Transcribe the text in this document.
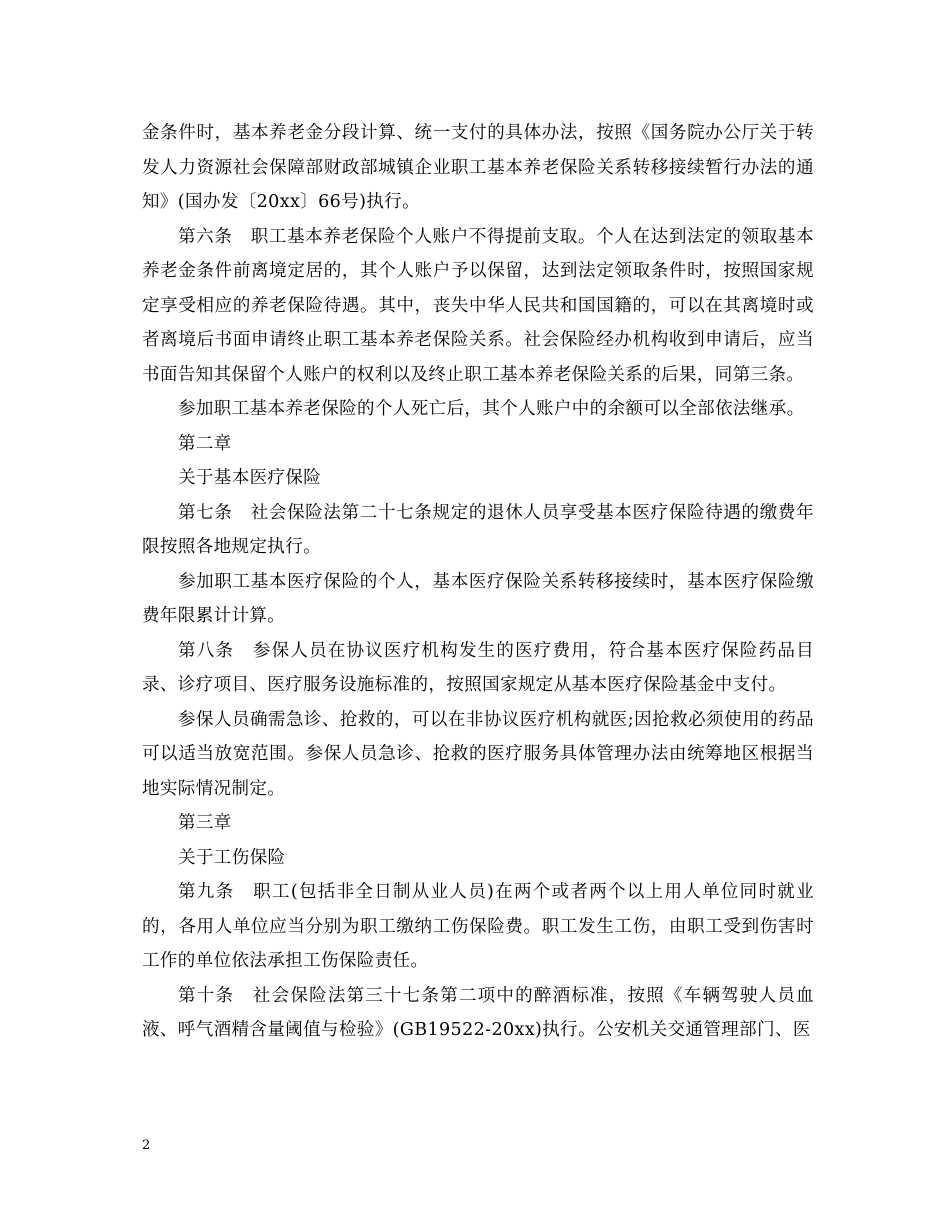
金条件时，基本养老金分段计算、统一支付的具体办法，按照《国务院办公厅关于转发人力资源社会保障部财政部城镇企业职工基本养老保险关系转移接续暂行办法的通知》(国办发〔20xx〕66号)执行。

第六条　职工基本养老保险个人账户不得提前支取。个人在达到法定的领取基本养老金条件前离境定居的，其个人账户予以保留，达到法定领取条件时，按照国家规定享受相应的养老保险待遇。其中，丧失中华人民共和国国籍的，可以在其离境时或者离境后书面申请终止职工基本养老保险关系。社会保险经办机构收到申请后，应当书面告知其保留个人账户的权利以及终止职工基本养老保险关系的后果，同第三条。

参加职工基本养老保险的个人死亡后，其个人账户中的余额可以全部依法继承。

第二章

关于基本医疗保险

第七条　社会保险法第二十七条规定的退休人员享受基本医疗保险待遇的缴费年限按照各地规定执行。

参加职工基本医疗保险的个人，基本医疗保险关系转移接续时，基本医疗保险缴费年限累计计算。

第八条　参保人员在协议医疗机构发生的医疗费用，符合基本医疗保险药品目录、诊疗项目、医疗服务设施标准的，按照国家规定从基本医疗保险基金中支付。

参保人员确需急诊、抢救的，可以在非协议医疗机构就医;因抢救必须使用的药品可以适当放宽范围。参保人员急诊、抢救的医疗服务具体管理办法由统筹地区根据当地实际情况制定。

第三章

关于工伤保险

第九条　职工(包括非全日制从业人员)在两个或者两个以上用人单位同时就业的，各用人单位应当分别为职工缴纳工伤保险费。职工发生工伤，由职工受到伤害时工作的单位依法承担工伤保险责任。

第十条　社会保险法第三十七条第二项中的醉酒标准，按照《车辆驾驶人员血液、呼气酒精含量阈值与检验》(GB19522-20xx)执行。公安机关交通管理部门、医

2
